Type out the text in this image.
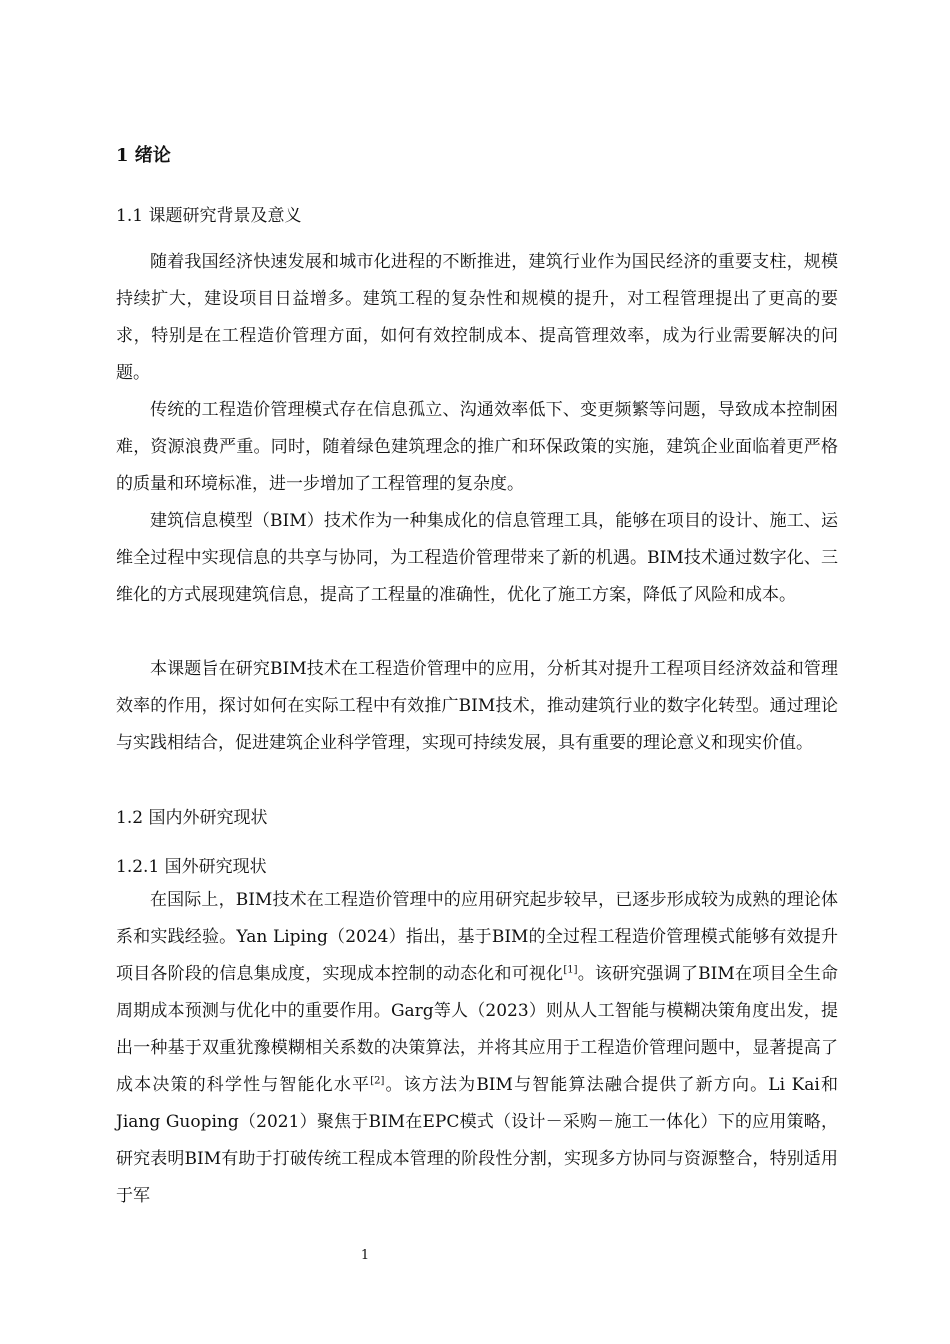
1 绪论
1.1 课题研究背景及意义

随着我国经济快速发展和城市化进程的不断推进，建筑行业作为国民经济的重要支柱，规模持续扩大，建设项目日益增多。建筑工程的复杂性和规模的提升，对工程管理提出了更高的要求，特别是在工程造价管理方面，如何有效控制成本、提高管理效率，成为行业需要解决的问题。

传统的工程造价管理模式存在信息孤立、沟通效率低下、变更频繁等问题，导致成本控制困难，资源浪费严重。同时，随着绿色建筑理念的推广和环保政策的实施，建筑企业面临着更严格的质量和环境标准，进一步增加了工程管理的复杂度。

建筑信息模型（BIM）技术作为一种集成化的信息管理工具，能够在项目的设计、施工、运维全过程中实现信息的共享与协同，为工程造价管理带来了新的机遇。BIM技术通过数字化、三维化的方式展现建筑信息，提高了工程量的准确性，优化了施工方案，降低了风险和成本。

本课题旨在研究BIM技术在工程造价管理中的应用，分析其对提升工程项目经济效益和管理效率的作用，探讨如何在实际工程中有效推广BIM技术，推动建筑行业的数字化转型。通过理论与实践相结合，促进建筑企业科学管理，实现可持续发展，具有重要的理论意义和现实价值。

1.2 国内外研究现状
1.2.1 国外研究现状

在国际上，BIM技术在工程造价管理中的应用研究起步较早，已逐步形成较为成熟的理论体系和实践经验。Yan Liping（2024）指出，基于BIM的全过程工程造价管理模式能够有效提升项目各阶段的信息集成度，实现成本控制的动态化和可视化[1]。该研究强调了BIM在项目全生命周期成本预测与优化中的重要作用。Garg等人（2023）则从人工智能与模糊决策角度出发，提出一种基于双重犹豫模糊相关系数的决策算法，并将其应用于工程造价管理问题中，显著提高了成本决策的科学性与智能化水平[2]。该方法为BIM与智能算法融合提供了新方向。Li Kai和Jiang Guoping（2021）聚焦于BIM在EPC模式（设计－采购－施工一体化）下的应用策略，研究表明BIM有助于打破传统工程成本管理的阶段性分割，实现多方协同与资源整合，特别适用于军

1
